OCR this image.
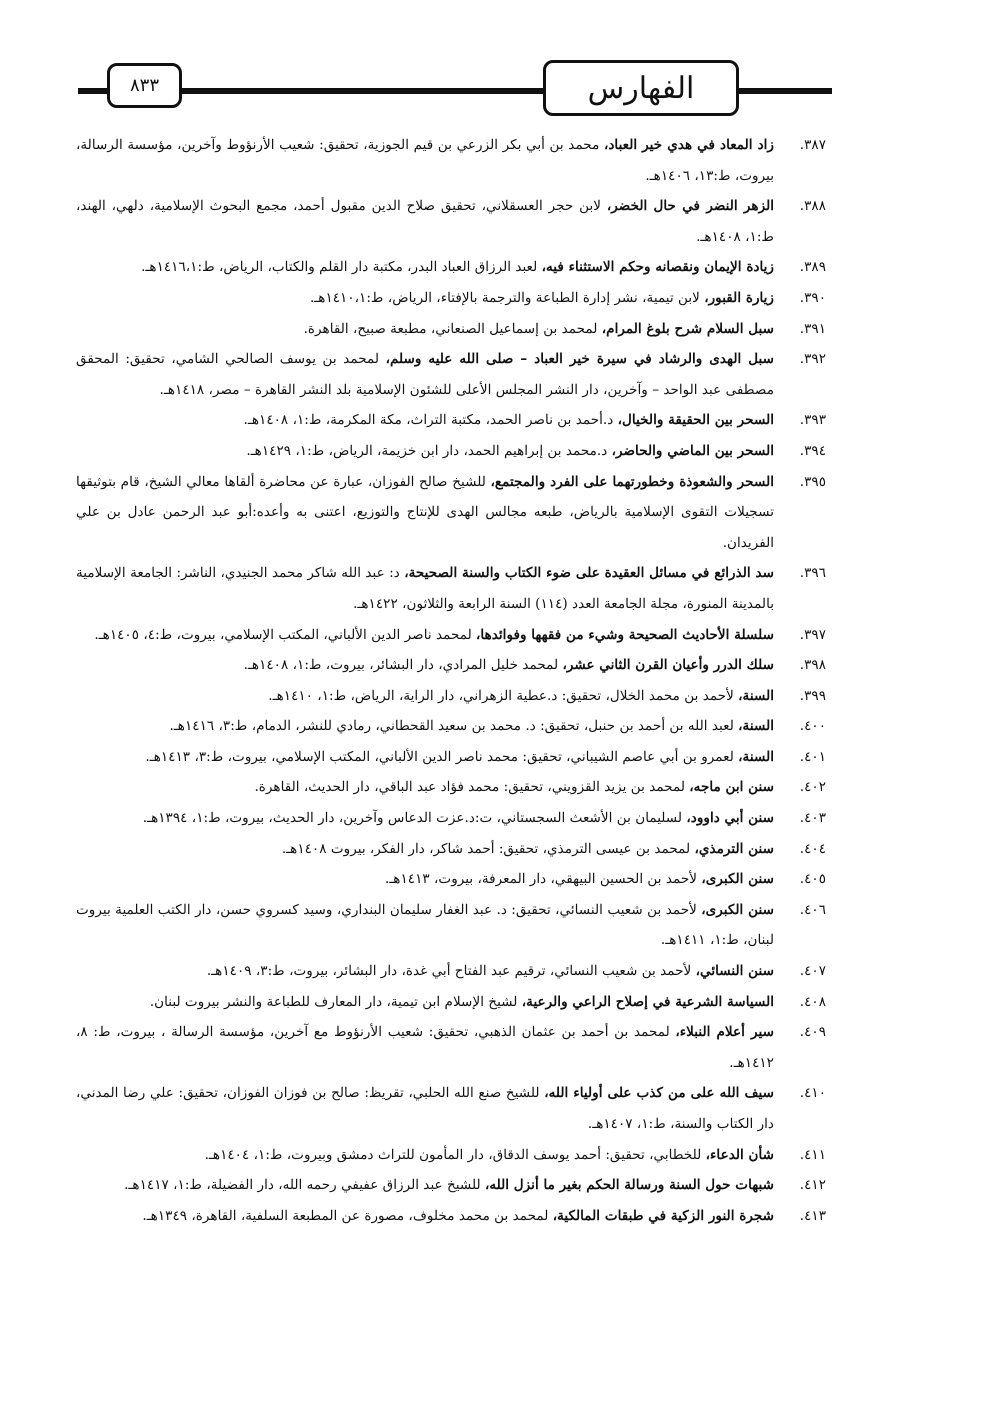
الفهارس
٨٣٣
٣٨٧.
زاد المعاد في هدي خير العباد، محمد بن أبي بكر الزرعي بن قيم الجوزية، تحقيق: شعيب الأرنؤوط وآخرين، مؤسسة الرسالة، بيروت، ط:١٣، ١٤٠٦هـ.
٣٨٨.
الزهر النضر في حال الخضر، لابن حجر العسقلاني، تحقيق صلاح الدين مقبول أحمد، مجمع البحوث الإسلامية، دلهي، الهند، ط:١، ١٤٠٨هـ.
٣٨٩.
زيادة الإيمان ونقصانه وحكم الاستثناء فيه، لعبد الرزاق العباد البدر، مكتبة دار القلم والكتاب، الرياض، ط:١٤١٦،١هـ.
٣٩٠.
زيارة القبور، لابن تيمية، نشر إدارة الطباعة والترجمة بالإفتاء، الرياض، ط:١٤١٠،١هـ.
٣٩١.
سبل السلام شرح بلوغ المرام، لمحمد بن إسماعيل الصنعاني، مطبعة صبيح، القاهرة.
٣٩٢.
سبل الهدى والرشاد في سيرة خير العباد – صلى الله عليه وسلم، لمحمد بن يوسف الصالحي الشامي، تحقيق: المحقق مصطفى عبد الواحد – وآخرين، دار النشر المجلس الأعلى للشئون الإسلامية بلد النشر القاهرة – مصر، ١٤١٨هـ.
٣٩٣.
السحر بين الحقيقة والخيال، د.أحمد بن ناصر الحمد، مكتبة التراث، مكة المكرمة، ط:١، ١٤٠٨هـ.
٣٩٤.
السحر بين الماضي والحاضر، د.محمد بن إبراهيم الحمد، دار ابن خزيمة، الرياض، ط:١، ١٤٢٩هـ.
٣٩٥.
السحر والشعوذة وخطورتهما على الفرد والمجتمع، للشيخ صالح الفوزان، عبارة عن محاضرة ألقاها معالي الشيخ، قام بتوثيقها تسجيلات التقوى الإسلامية بالرياض، طبعه مجالس الهدى للإنتاج والتوزيع، اعتنى به وأعده:أبو عبد الرحمن عادل بن علي الفريدان.
٣٩٦.
سد الذرائع في مسائل العقيدة على ضوء الكتاب والسنة الصحيحة، د: عبد الله شاكر محمد الجنيدي، الناشر: الجامعة الإسلامية بالمدينة المنورة، مجلة الجامعة العدد (١١٤) السنة الرابعة والثلاثون، ١٤٢٢هـ.
٣٩٧.
سلسلة الأحاديث الصحيحة وشيء من فقهها وفوائدها، لمحمد ناصر الدين الألباني، المكتب الإسلامي، بيروت، ط:٤، ١٤٠٥هـ.
٣٩٨.
سلك الدرر وأعيان القرن الثاني عشر، لمحمد خليل المرادي، دار البشائر، بيروت، ط:١، ١٤٠٨هـ.
٣٩٩.
السنة، لأحمد بن محمد الخلال، تحقيق: د.عطية الزهراني، دار الراية، الرياض، ط:١، ١٤١٠هـ.
٤٠٠.
السنة، لعبد الله بن أحمد بن حنبل، تحقيق: د. محمد بن سعيد القحطاني، رمادي للنشر، الدمام، ط:٣، ١٤١٦هـ.
٤٠١.
السنة، لعمرو بن أبي عاصم الشيباني، تحقيق: محمد ناصر الدين الألباني، المكتب الإسلامي، بيروت، ط:٣، ١٤١٣هـ.
٤٠٢.
سنن ابن ماجه، لمحمد بن يزيد القزويني، تحقيق: محمد فؤاد عبد الباقي، دار الحديث، القاهرة.
٤٠٣.
سنن أبي داوود، لسليمان بن الأشعث السجستاني، ت:د.عزت الدعاس وآخرين، دار الحديث، بيروت، ط:١، ١٣٩٤هـ.
٤٠٤.
سنن الترمذي، لمحمد بن عيسى الترمذي، تحقيق: أحمد شاكر، دار الفكر، بيروت ١٤٠٨هـ.
٤٠٥.
سنن الكبرى، لأحمد بن الحسين البيهقي، دار المعرفة، بيروت، ١٤١٣هـ.
٤٠٦.
سنن الكبرى، لأحمد بن شعيب النسائي، تحقيق: د. عبد الغفار سليمان البنداري، وسيد كسروي حسن، دار الكتب العلمية بيروت لبنان، ط:١، ١٤١١هـ.
٤٠٧.
سنن النسائي، لأحمد بن شعيب النسائي، ترقيم عبد الفتاح أبي غدة، دار البشائر، بيروت، ط:٣، ١٤٠٩هـ.
٤٠٨.
السياسة الشرعية في إصلاح الراعي والرعية، لشيخ الإسلام ابن تيمية، دار المعارف للطباعة والنشر بيروت لبنان.
٤٠٩.
سير أعلام النبلاء، لمحمد بن أحمد بن عثمان الذهبي، تحقيق: شعيب الأرنؤوط مع آخرين، مؤسسة الرسالة ، بيروت، ط: ٨، ١٤١٢هـ.
٤١٠.
سيف الله على من كذب على أولياء الله، للشيخ صنع الله الحلبي، تقريظ: صالح بن فوزان الفوزان، تحقيق: علي رضا المدني، دار الكتاب والسنة، ط:١، ١٤٠٧هـ.
٤١١.
شأن الدعاء، للخطابي، تحقيق: أحمد يوسف الدقاق، دار المأمون للتراث دمشق وبيروت، ط:١، ١٤٠٤هـ.
٤١٢.
شبهات حول السنة ورسالة الحكم بغير ما أنزل الله، للشيخ عبد الرزاق عفيفي رحمه الله، دار الفضيلة، ط:١، ١٤١٧هـ.
٤١٣.
شجرة النور الزكية في طبقات المالكية، لمحمد بن محمد مخلوف، مصورة عن المطبعة السلفية، القاهرة، ١٣٤٩هـ.
